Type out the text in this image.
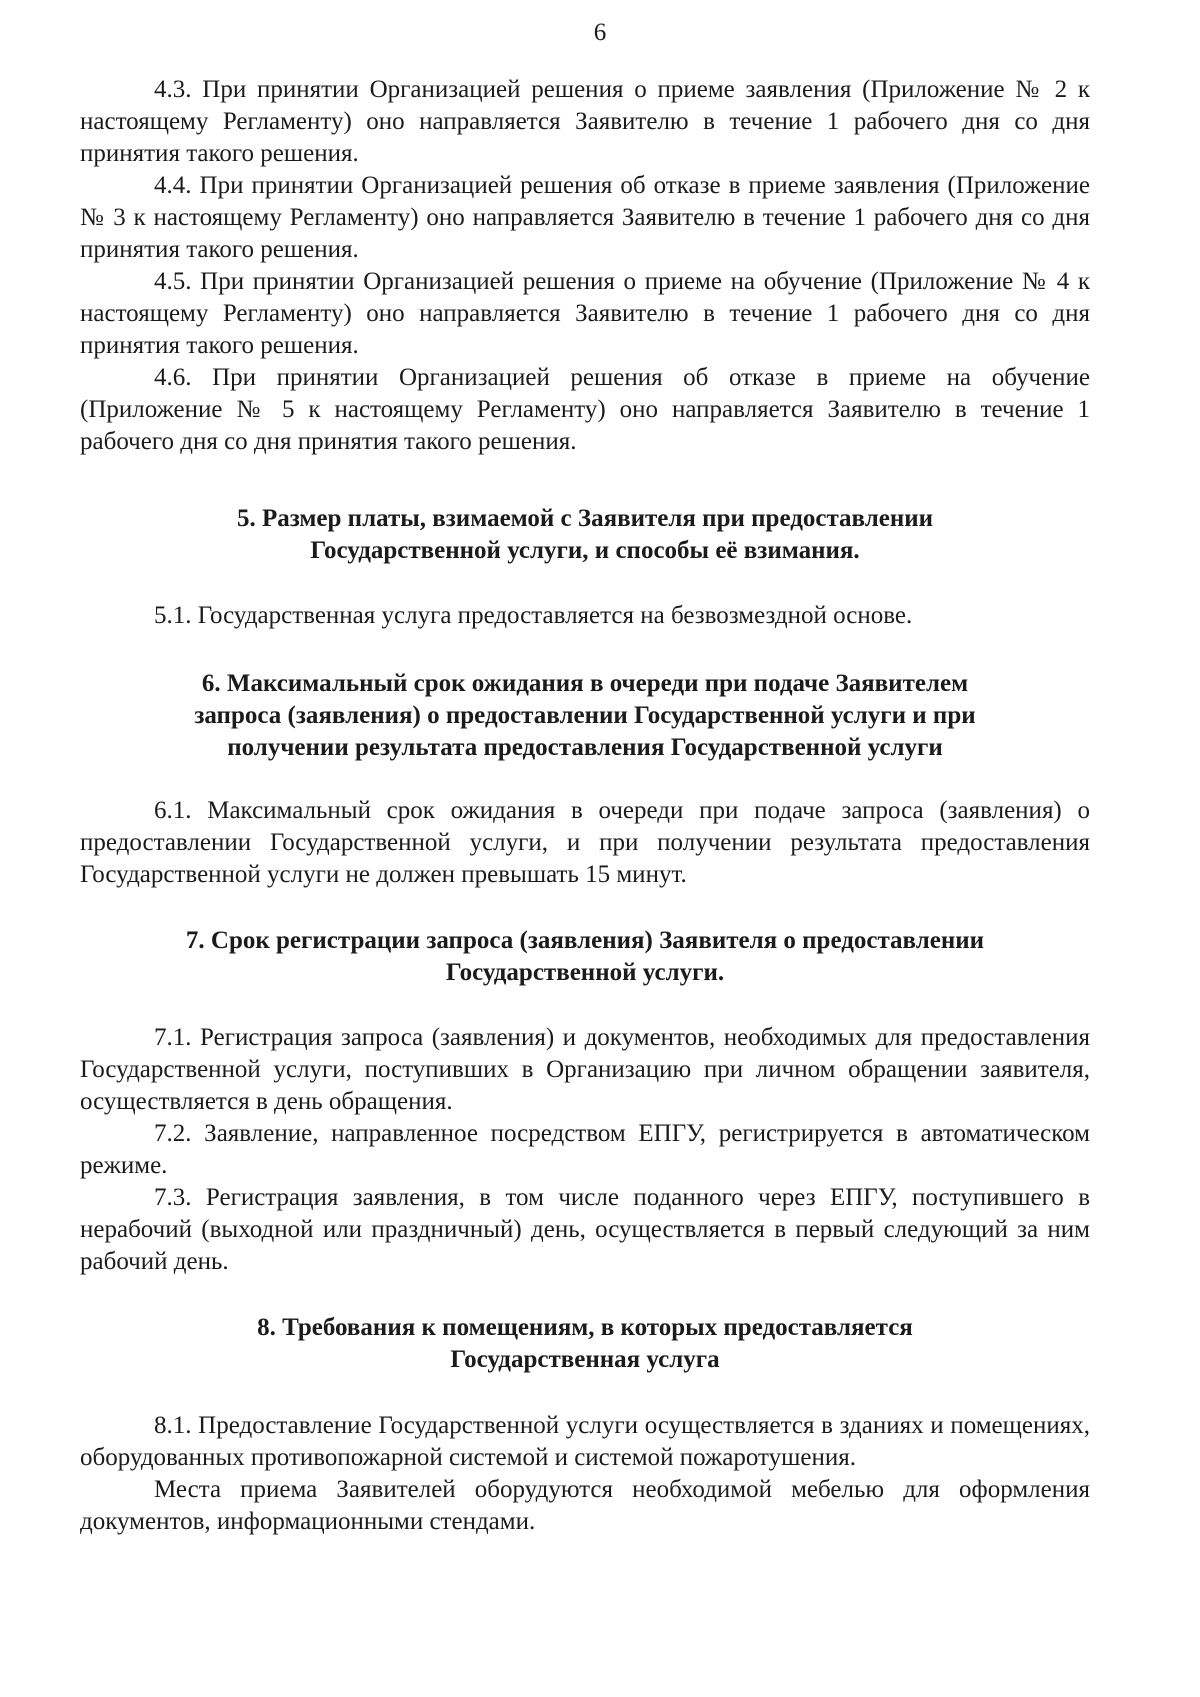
6

4.3. При принятии Организацией решения о приеме заявления (Приложение № 2 к настоящему Регламенту) оно направляется Заявителю в течение 1 рабочего дня со дня принятия такого решения.

4.4. При принятии Организацией решения об отказе в приеме заявления (Приложение № 3 к настоящему Регламенту) оно направляется Заявителю в течение 1 рабочего дня со дня принятия такого решения.

4.5. При принятии Организацией решения о приеме на обучение (Приложение № 4 к настоящему Регламенту) оно направляется Заявителю в течение 1 рабочего дня со дня принятия такого решения.

4.6. При принятии Организацией решения об отказе в приеме на обучение (Приложение № 5 к настоящему Регламенту) оно направляется Заявителю в течение 1 рабочего дня со дня принятия такого решения.

5. Размер платы, взимаемой с Заявителя при предоставлении
Государственной услуги, и способы её взимания.

5.1. Государственная услуга предоставляется на безвозмездной основе.

6. Максимальный срок ожидания в очереди при подаче Заявителем
запроса (заявления) о предоставлении Государственной услуги и при
получении результата предоставления Государственной услуги

6.1. Максимальный срок ожидания в очереди при подаче запроса (заявления) о предоставлении Государственной услуги, и при получении результата предоставления Государственной услуги не должен превышать 15 минут.

7. Срок регистрации запроса (заявления) Заявителя о предоставлении
Государственной услуги.

7.1. Регистрация запроса (заявления) и документов, необходимых для предоставления Государственной услуги, поступивших в Организацию при личном обращении заявителя, осуществляется в день обращения.

7.2. Заявление, направленное посредством ЕПГУ, регистрируется в автоматическом режиме.

7.3. Регистрация заявления, в том числе поданного через ЕПГУ, поступившего в нерабочий (выходной или праздничный) день, осуществляется в первый следующий за ним рабочий день.

8. Требования к помещениям, в которых предоставляется
Государственная услуга

8.1. Предоставление Государственной услуги осуществляется в зданиях и помещениях, оборудованных противопожарной системой и системой пожаротушения.

Места приема Заявителей оборудуются необходимой мебелью для оформления документов, информационными стендами.
